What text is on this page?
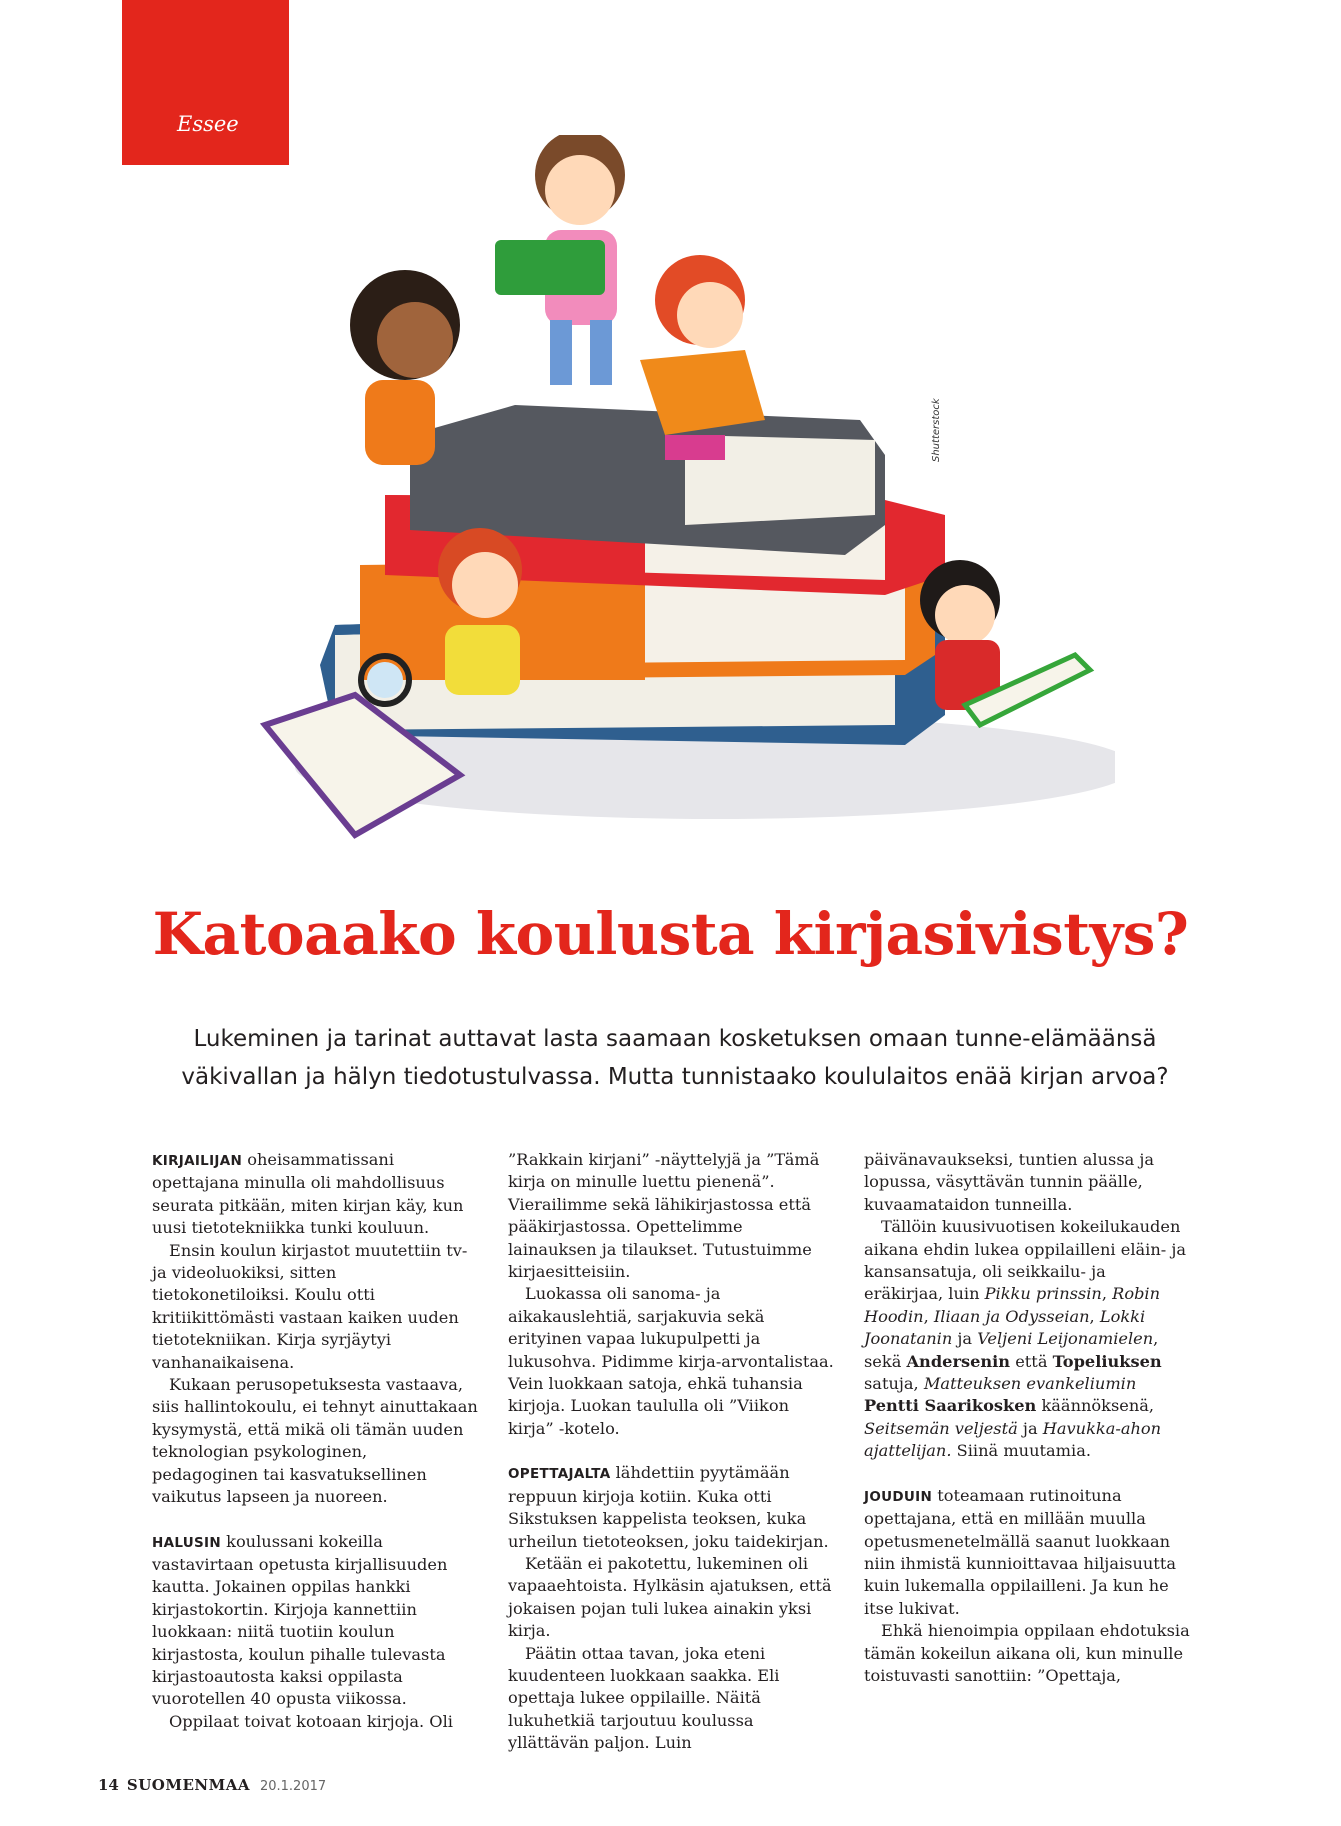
Essee
Shutterstock
Katoaako koulusta kirjasivistys?

Lukeminen ja tarinat auttavat lasta saamaan kosketuksen omaan tunne-elämäänsä
väkivallan ja hälyn tiedotustulvassa. Mutta tunnistaako koululaitos enää kirjan arvoa?

KIRJAILIJAN oheisammatissani opettajana minulla oli mahdollisuus seurata pitkään, miten kirjan käy, kun uusi tietotekniikka tunki kouluun.

Ensin koulun kirjastot muutettiin tv- ja videoluokiksi, sitten tietokonetiloiksi. Koulu otti kritiikittömästi vastaan kaiken uuden tietotekniikan. Kirja syrjäytyi vanhanaikaisena.

Kukaan perusopetuksesta vastaava, siis hallintokoulu, ei tehnyt ainuttakaan kysymystä, että mikä oli tämän uuden teknologian psykologinen, pedagoginen tai kasvatuksellinen vaikutus lapseen ja nuoreen.

HALUSIN koulussani kokeilla vastavirtaan opetusta kirjallisuuden kautta. Jokainen oppilas hankki kirjastokortin. Kirjoja kannettiin luokkaan: niitä tuotiin koulun kirjastosta, koulun pihalle tulevasta kirjastoautosta kaksi oppilasta vuorotellen 40 opusta viikossa.

Oppilaat toivat kotoaan kirjoja. Oli

”Rakkain kirjani” -näyttelyjä ja ”Tämä kirja on minulle luettu pienenä”. Vierailimme sekä lähikirjastossa että pääkirjastossa. Opettelimme lainauksen ja tilaukset. Tutustuimme kirjaesitteisiin.

Luokassa oli sanoma- ja aikakauslehtiä, sarjakuvia sekä erityinen vapaa lukupulpetti ja lukusohva. Pidimme kirja-arvontalistaa. Vein luokkaan satoja, ehkä tuhansia kirjoja. Luokan taululla oli ”Viikon kirja” -kotelo.

OPETTAJALTA lähdettiin pyytämään reppuun kirjoja kotiin. Kuka otti Sikstuksen kappelista teoksen, kuka urheilun tietoteoksen, joku taidekirjan.

Ketään ei pakotettu, lukeminen oli vapaaehtoista. Hylkäsin ajatuksen, että jokaisen pojan tuli lukea ainakin yksi kirja.

Päätin ottaa tavan, joka eteni kuudenteen luokkaan saakka. Eli opettaja lukee oppilaille. Näitä lukuhetkiä tarjoutuu koulussa yllättävän paljon. Luin

päivänavaukseksi, tuntien alussa ja lopussa, väsyttävän tunnin päälle, kuvaamataidon tunneilla.

Tällöin kuusivuotisen kokeilukauden aikana ehdin lukea oppilailleni eläin- ja kansansatuja, oli seikkailu- ja eräkirjaa, luin Pikku prinssin, Robin Hoodin, Iliaan ja Odysseian, Lokki Joonatanin ja Veljeni Leijonamielen, sekä Andersenin että Topeliuksen satuja, Matteuksen evankeliumin Pentti Saarikosken käännöksenä, Seitsemän veljestä ja Havukka-ahon ajattelijan. Siinä muutamia.

JOUDUIN toteamaan rutinoituna opettajana, että en millään muulla opetusmenetelmällä saanut luokkaan niin ihmistä kunnioittavaa hiljaisuutta kuin lukemalla oppilailleni. Ja kun he itse lukivat.

Ehkä hienoimpia oppilaan ehdotuksia tämän kokeilun aikana oli, kun minulle toistuvasti sanottiin: ”Opettaja,

14 SUOMENMAA 20.1.2017
